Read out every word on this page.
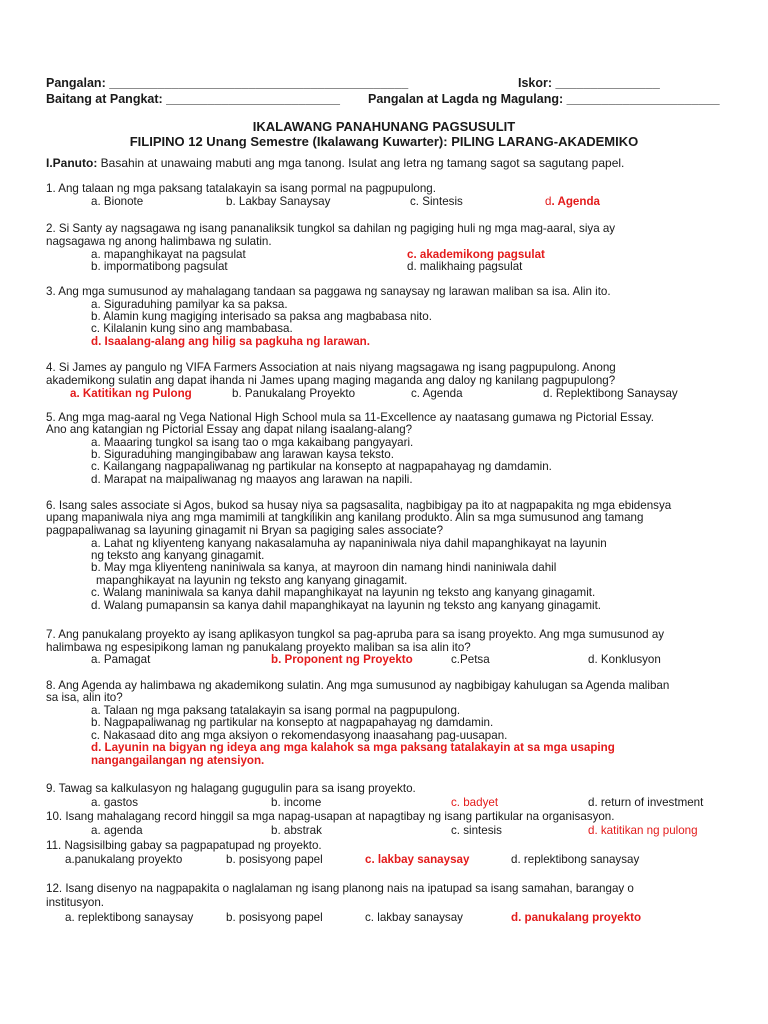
Pangalan: ___________________________________________	Iskor: _______________
Baitang at Pangkat: _________________________ Pangalan at Lagda ng Magulang: ______________________
IKALAWANG PANAHUNANG PAGSUSULIT
FILIPINO 12 Unang Semestre (Ikalawang Kuwarter): PILING LARANG-AKADEMIKO
I.Panuto: Basahin at unawaing mabuti ang mga tanong. Isulat ang letra ng tamang sagot sa sagutang papel.
1. Ang talaan ng mga paksang tatalakayin sa isang pormal na pagpupulong.
a. Bionote	b. Lakbay Sanaysay	c. Sintesis	d. Agenda
2. Si Santy ay nagsagawa ng isang pananaliksik tungkol sa dahilan ng pagiging huli ng mga mag-aaral, siya ay
nagsagawa ng anong halimbawa ng sulatin.
a. mapanghikayat na pagsulat	c. akademikong pagsulat
b. impormatibong pagsulat	d. malikhaing pagsulat
3. Ang mga sumusunod ay mahalagang tandaan sa paggawa ng sanaysay ng larawan maliban sa isa. Alin ito.
a. Siguraduhing pamilyar ka sa paksa.
b. Alamin kung magiging interisado sa paksa ang magbabasa nito.
c. Kilalanin kung sino ang mambabasa.
d. Isaalang-alang ang hilig sa pagkuha ng larawan.
4. Si James ay pangulo ng VIFA Farmers Association at nais niyang magsagawa ng isang pagpupulong. Anong
akademikong sulatin ang dapat ihanda ni James upang maging maganda ang daloy ng kanilang pagpupulong?
a. Katitikan ng Pulong	b. Panukalang Proyekto	c. Agenda	d. Replektibong Sanaysay
5. Ang mga mag-aaral ng Vega National High School mula sa 11-Excellence ay naatasang gumawa ng Pictorial Essay.
Ano ang katangian ng Pictorial Essay ang dapat nilang isaalang-alang?
a. Maaaring tungkol sa isang tao o mga kakaibang pangyayari.
b. Siguraduhing mangingibabaw ang larawan kaysa teksto.
c. Kailangang nagpapaliwanag ng partikular na konsepto at nagpapahayag ng damdamin.
d. Marapat na maipaliwanag ng maayos ang larawan na napili.
6. Isang sales associate si Agos, bukod sa husay niya sa pagsasalita, nagbibigay pa ito at nagpapakita ng mga ebidensya
upang mapaniwala niya ang mga mamimili at tangkilikin ang kanilang produkto. Alin sa mga sumusunod ang tamang
pagpapaliwanag sa layuning ginagamit ni Bryan sa pagiging sales associate?
a. Lahat ng kliyenteng kanyang nakasalamuha ay napaniniwala niya dahil mapanghikayat na layunin
ng teksto ang kanyang ginagamit.
b. May mga kliyenteng naniniwala sa kanya, at mayroon din namang hindi naniniwala dahil
mapanghikayat na layunin ng teksto ang kanyang ginagamit.
c. Walang maniniwala sa kanya dahil mapanghikayat na layunin ng teksto ang kanyang ginagamit.
d. Walang pumapansin sa kanya dahil mapanghikayat na layunin ng teksto ang kanyang ginagamit.
7. Ang panukalang proyekto ay isang aplikasyon tungkol sa pag-apruba para sa isang proyekto. Ang mga sumusunod ay
halimbawa ng espesipikong laman ng panukalang proyekto maliban sa isa alin ito?
a. Pamagat	b. Proponent ng Proyekto	c.Petsa	d. Konklusyon
8. Ang Agenda ay halimbawa ng akademikong sulatin. Ang mga sumusunod ay nagbibigay kahulugan sa Agenda maliban
sa isa, alin ito?
a. Talaan ng mga paksang tatalakayin sa isang pormal na pagpupulong.
b. Nagpapaliwanag ng partikular na konsepto at nagpapahayag ng damdamin.
c. Nakasaad dito ang mga aksiyon o rekomendasyong inaasahang pag-uusapan.
d. Layunin na bigyan ng ideya ang mga kalahok sa mga paksang tatalakayin at sa mga usaping
nangangailangan ng atensiyon.
9. Tawag sa kalkulasyon ng halagang gugugulin para sa isang proyekto.
a. gastos	b. income	c. badyet	d. return of investment
10. Isang mahalagang record hinggil sa mga napag-usapan at napagtibay ng isang partikular na organisasyon.
a. agenda	b. abstrak	c. sintesis	d. katitikan ng pulong
11. Nagsisilbing gabay sa pagpapatupad ng proyekto.
a.panukalang proyekto	b. posisyong papel	c. lakbay sanaysay	d. replektibong sanaysay
12. Isang disenyo na nagpapakita o naglalaman ng isang planong nais na ipatupad sa isang samahan, barangay o
institusyon.
a. replektibong sanaysay	b. posisyong papel	c. lakbay sanaysay	d. panukalang proyekto
